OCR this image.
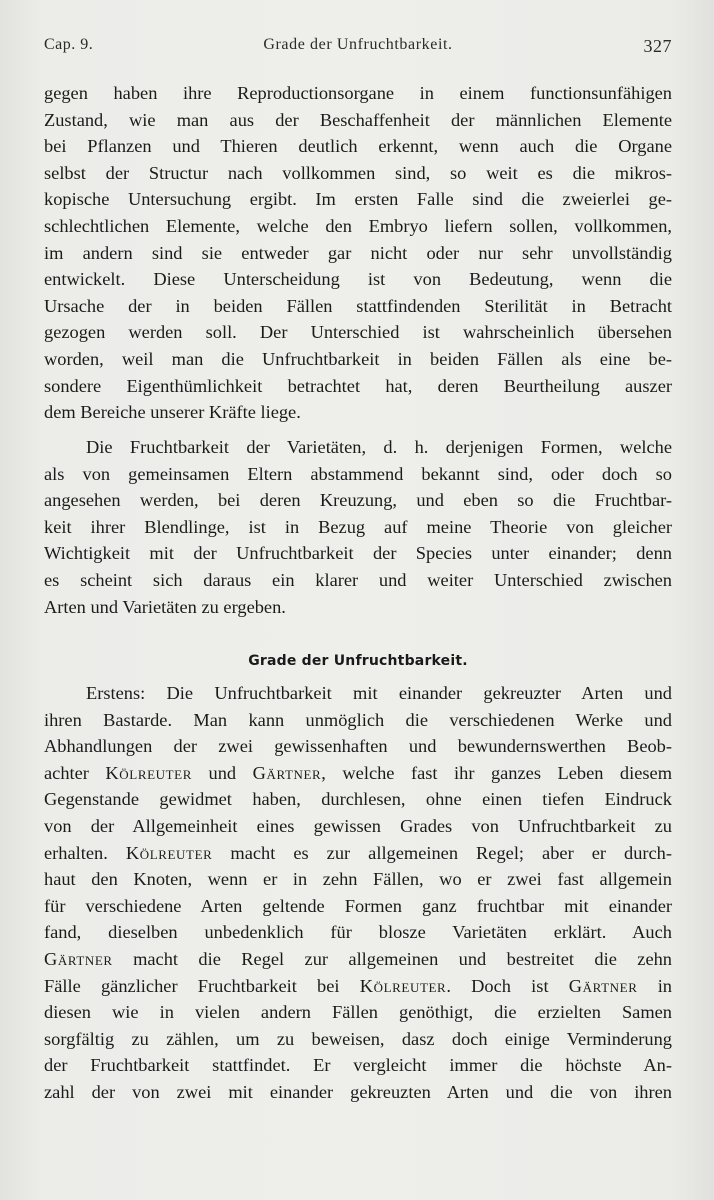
Cap. 9.	Grade der Unfruchtbarkeit.	327
gegen haben ihre Reproductionsorgane in einem functionsunfähigen
Zustand, wie man aus der Beschaffenheit der männlichen Elemente
bei Pflanzen und Thieren deutlich erkennt, wenn auch die Organe
selbst der Structur nach vollkommen sind, so weit es die mikros-
kopische Untersuchung ergibt. Im ersten Falle sind die zweierlei ge-
schlechtlichen Elemente, welche den Embryo liefern sollen, vollkommen,
im andern sind sie entweder gar nicht oder nur sehr unvollständig
entwickelt. Diese Unterscheidung ist von Bedeutung, wenn die
Ursache der in beiden Fällen stattfindenden Sterilität in Betracht
gezogen werden soll. Der Unterschied ist wahrscheinlich übersehen
worden, weil man die Unfruchtbarkeit in beiden Fällen als eine be-
sondere Eigenthümlichkeit betrachtet hat, deren Beurtheilung auszer
dem Bereiche unserer Kräfte liege.
Die Fruchtbarkeit der Varietäten, d. h. derjenigen Formen, welche
als von gemeinsamen Eltern abstammend bekannt sind, oder doch so
angesehen werden, bei deren Kreuzung, und eben so die Fruchtbar-
keit ihrer Blendlinge, ist in Bezug auf meine Theorie von gleicher
Wichtigkeit mit der Unfruchtbarkeit der Species unter einander; denn
es scheint sich daraus ein klarer und weiter Unterschied zwischen
Arten und Varietäten zu ergeben.
Grade der Unfruchtbarkeit.
Erstens: Die Unfruchtbarkeit mit einander gekreuzter Arten und
ihren Bastarde. Man kann unmöglich die verschiedenen Werke und
Abhandlungen der zwei gewissenhaften und bewundernswerthen Beob-
achter Kölreuter und Gärtner, welche fast ihr ganzes Leben diesem
Gegenstande gewidmet haben, durchlesen, ohne einen tiefen Eindruck
von der Allgemeinheit eines gewissen Grades von Unfruchtbarkeit zu
erhalten. Kölreuter macht es zur allgemeinen Regel; aber er durch-
haut den Knoten, wenn er in zehn Fällen, wo er zwei fast allgemein
für verschiedene Arten geltende Formen ganz fruchtbar mit einander
fand, dieselben unbedenklich für blosze Varietäten erklärt. Auch
Gärtner macht die Regel zur allgemeinen und bestreitet die zehn
Fälle gänzlicher Fruchtbarkeit bei Kölreuter. Doch ist Gärtner in
diesen wie in vielen andern Fällen genöthigt, die erzielten Samen
sorgfältig zu zählen, um zu beweisen, dasz doch einige Verminderung
der Fruchtbarkeit stattfindet. Er vergleicht immer die höchste An-
zahl der von zwei mit einander gekreuzten Arten und die von ihren
